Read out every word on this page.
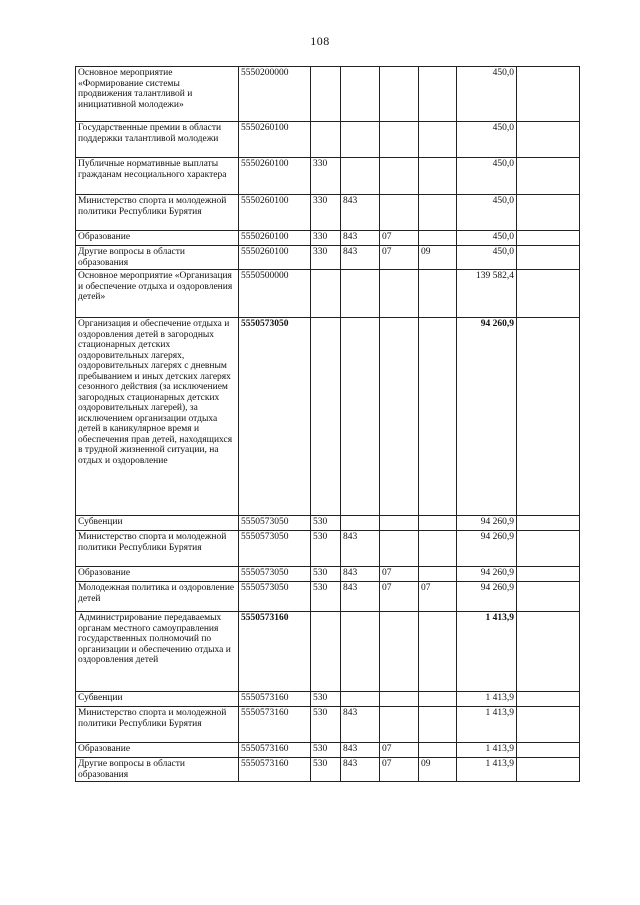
108
Основное мероприятие «Формирование системы продвижения талантливой и инициативной молодежи»	5550200000					450,0	
Государственные премии в области поддержки талантливой молодежи	5550260100					450,0	
Публичные нормативные выплаты гражданам несоциального характера	5550260100	330				450,0	
Министерство спорта и молодежной политики Республики Бурятия	5550260100	330	843			450,0	
Образование	5550260100	330	843	07		450,0	
Другие вопросы в области образования	5550260100	330	843	07	09	450,0	
Основное мероприятие «Организация и обеспечение отдыха и оздоровления детей»	5550500000					139 582,4	
Организация и обеспечение отдыха и оздоровления детей в загородных стационарных детских оздоровительных лагерях, оздоровительных лагерях с дневным пребыванием и иных детских лагерях сезонного действия (за исключением загородных стационарных детских оздоровительных лагерей), за исключением организации отдыха детей в каникулярное время и обеспечения прав детей, находящихся в трудной жизненной ситуации, на отдых и оздоровление	5550573050					94 260,9	
Субвенции	5550573050	530				94 260,9	
Министерство спорта и молодежной политики Республики Бурятия	5550573050	530	843			94 260,9	
Образование	5550573050	530	843	07		94 260,9	
Молодежная политика и оздоровление детей	5550573050	530	843	07	07	94 260,9	
Администрирование передаваемых органам местного самоуправления государственных полномочий по организации и обеспечению отдыха и оздоровления детей	5550573160					1 413,9	
Субвенции	5550573160	530				1 413,9	
Министерство спорта и молодежной политики Республики Бурятия	5550573160	530	843			1 413,9	
Образование	5550573160	530	843	07		1 413,9	
Другие вопросы в области образования	5550573160	530	843	07	09	1 413,9	
